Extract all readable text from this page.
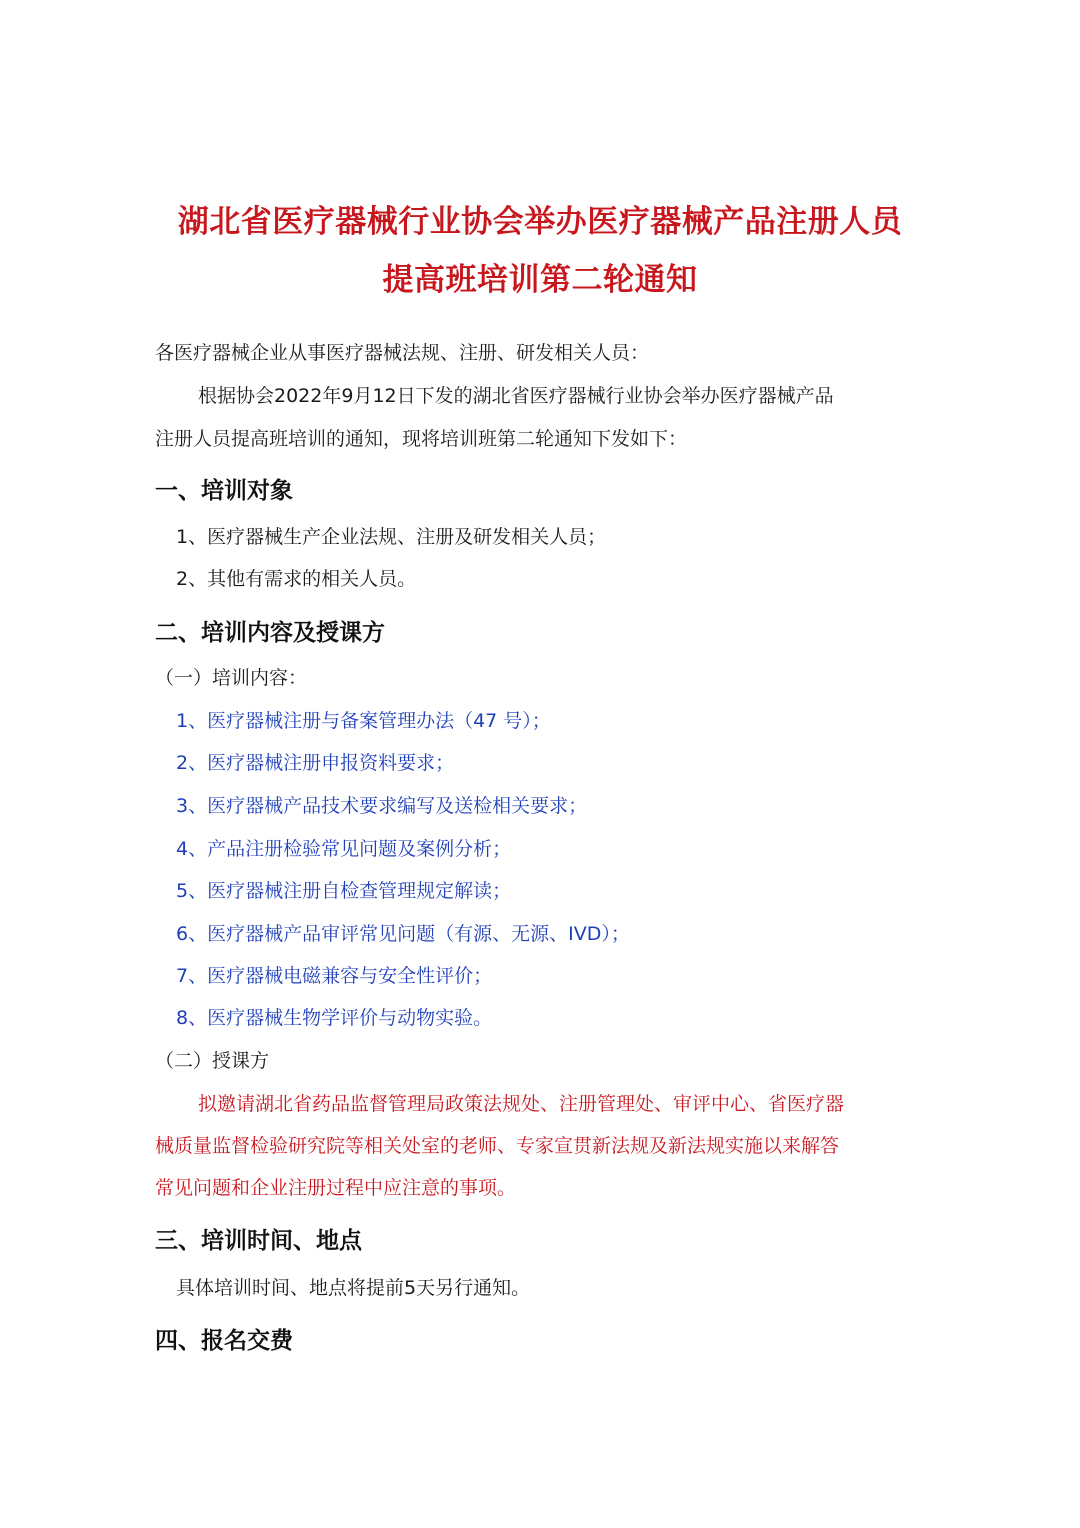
湖北省医疗器械行业协会举办医疗器械产品注册人员
提高班培训第二轮通知
各医疗器械企业从事医疗器械法规、注册、研发相关人员：
根据协会2022年9月12日下发的湖北省医疗器械行业协会举办医疗器械产品
注册人员提高班培训的通知，现将培训班第二轮通知下发如下：
一、培训对象
1、医疗器械生产企业法规、注册及研发相关人员；
2、其他有需求的相关人员。
二、培训内容及授课方
（一）培训内容：
1、医疗器械注册与备案管理办法（47 号）；
2、医疗器械注册申报资料要求；
3、医疗器械产品技术要求编写及送检相关要求；
4、产品注册检验常见问题及案例分析；
5、医疗器械注册自检查管理规定解读；
6、医疗器械产品审评常见问题（有源、无源、IVD）；
7、医疗器械电磁兼容与安全性评价；
8、医疗器械生物学评价与动物实验。
（二）授课方
拟邀请湖北省药品监督管理局政策法规处、注册管理处、审评中心、省医疗器
械质量监督检验研究院等相关处室的老师、专家宣贯新法规及新法规实施以来解答
常见问题和企业注册过程中应注意的事项。
三、培训时间、地点
具体培训时间、地点将提前5天另行通知。
四、报名交费
